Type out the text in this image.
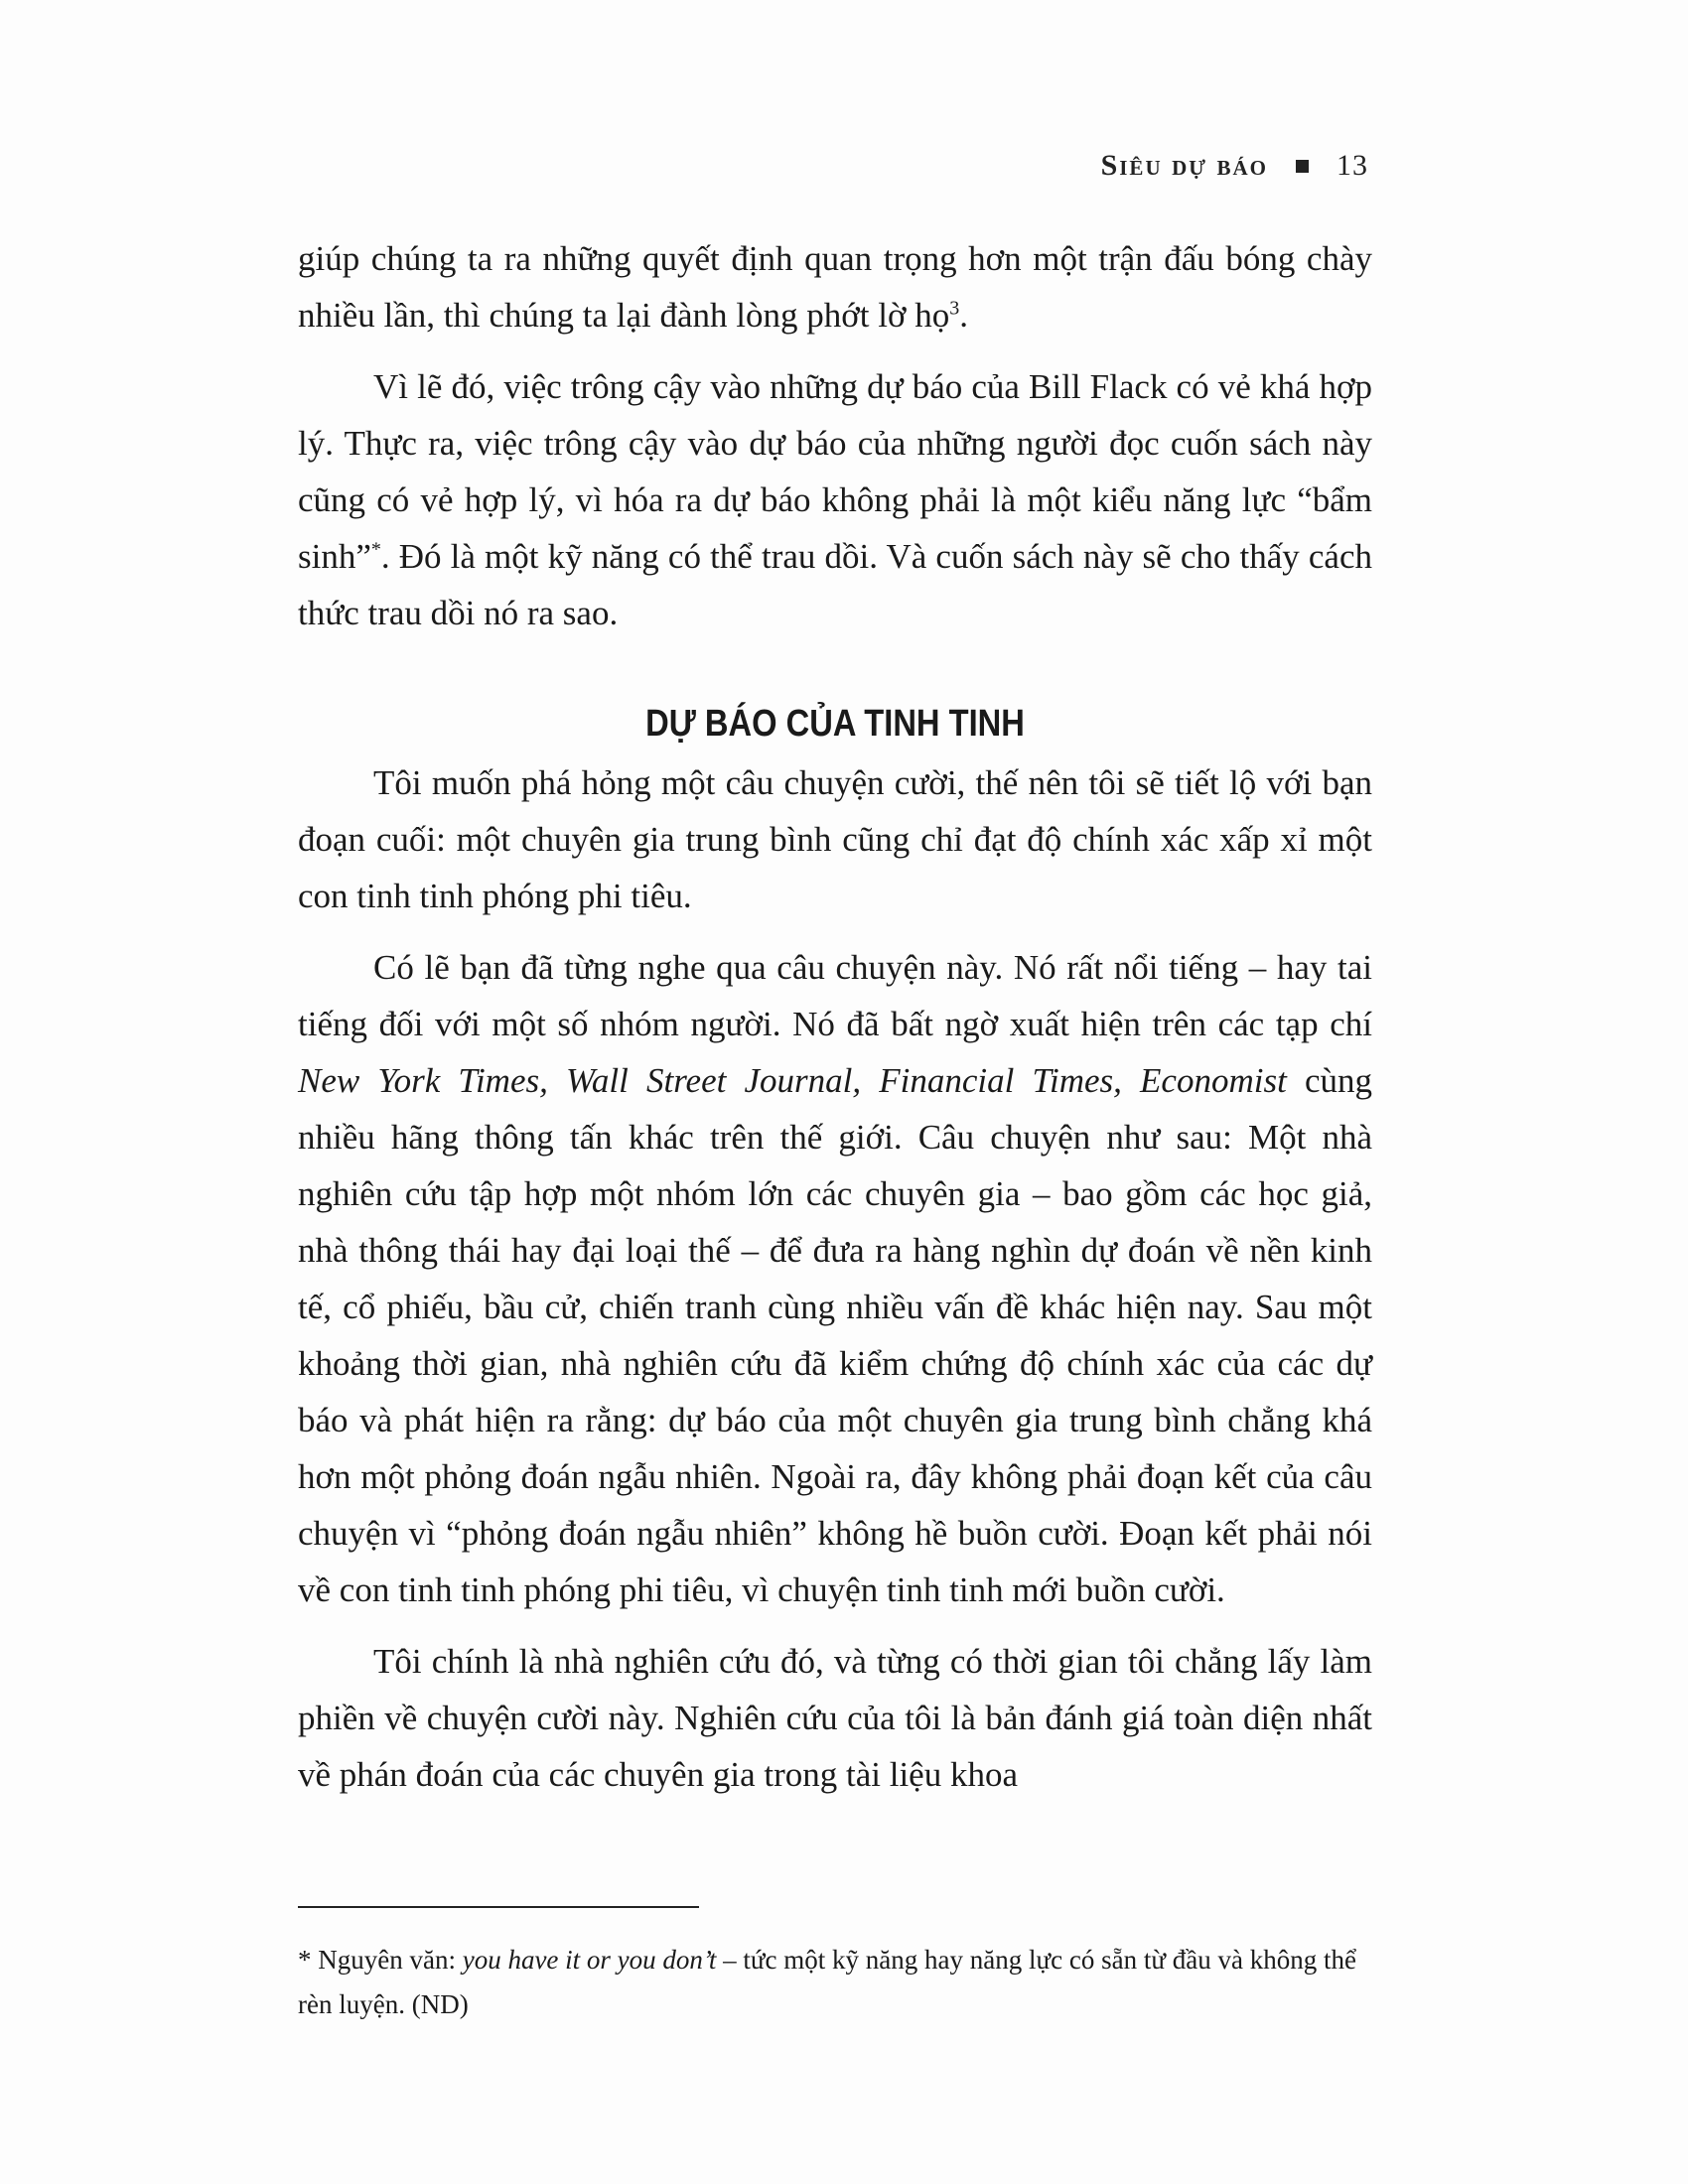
Siêu dự báo 13

giúp chúng ta ra những quyết định quan trọng hơn một trận đấu bóng chày nhiều lần, thì chúng ta lại đành lòng phớt lờ họ$^3$.

Vì lẽ đó, việc trông cậy vào những dự báo của Bill Flack có vẻ khá hợp lý. Thực ra, việc trông cậy vào dự báo của những người đọc cuốn sách này cũng có vẻ hợp lý, vì hóa ra dự báo không phải là một kiểu năng lực “bẩm sinh”*. Đó là một kỹ năng có thể trau dồi. Và cuốn sách này sẽ cho thấy cách thức trau dồi nó ra sao.

DỰ BÁO CỦA TINH TINH

Tôi muốn phá hỏng một câu chuyện cười, thế nên tôi sẽ tiết lộ với bạn đoạn cuối: một chuyên gia trung bình cũng chỉ đạt độ chính xác xấp xỉ một con tinh tinh phóng phi tiêu.

Có lẽ bạn đã từng nghe qua câu chuyện này. Nó rất nổi tiếng – hay tai tiếng đối với một số nhóm người. Nó đã bất ngờ xuất hiện trên các tạp chí New York Times, Wall Street Journal, Financial Times, Economist cùng nhiều hãng thông tấn khác trên thế giới. Câu chuyện như sau: Một nhà nghiên cứu tập hợp một nhóm lớn các chuyên gia – bao gồm các học giả, nhà thông thái hay đại loại thế – để đưa ra hàng nghìn dự đoán về nền kinh tế, cổ phiếu, bầu cử, chiến tranh cùng nhiều vấn đề khác hiện nay. Sau một khoảng thời gian, nhà nghiên cứu đã kiểm chứng độ chính xác của các dự báo và phát hiện ra rằng: dự báo của một chuyên gia trung bình chẳng khá hơn một phỏng đoán ngẫu nhiên. Ngoài ra, đây không phải đoạn kết của câu chuyện vì “phỏng đoán ngẫu nhiên” không hề buồn cười. Đoạn kết phải nói về con tinh tinh phóng phi tiêu, vì chuyện tinh tinh mới buồn cười.

Tôi chính là nhà nghiên cứu đó, và từng có thời gian tôi chẳng lấy làm phiền về chuyện cười này. Nghiên cứu của tôi là bản đánh giá toàn diện nhất về phán đoán của các chuyên gia trong tài liệu khoa

* Nguyên văn: you have it or you don’t – tức một kỹ năng hay năng lực có sẵn từ đầu và không thể rèn luyện. (ND)
